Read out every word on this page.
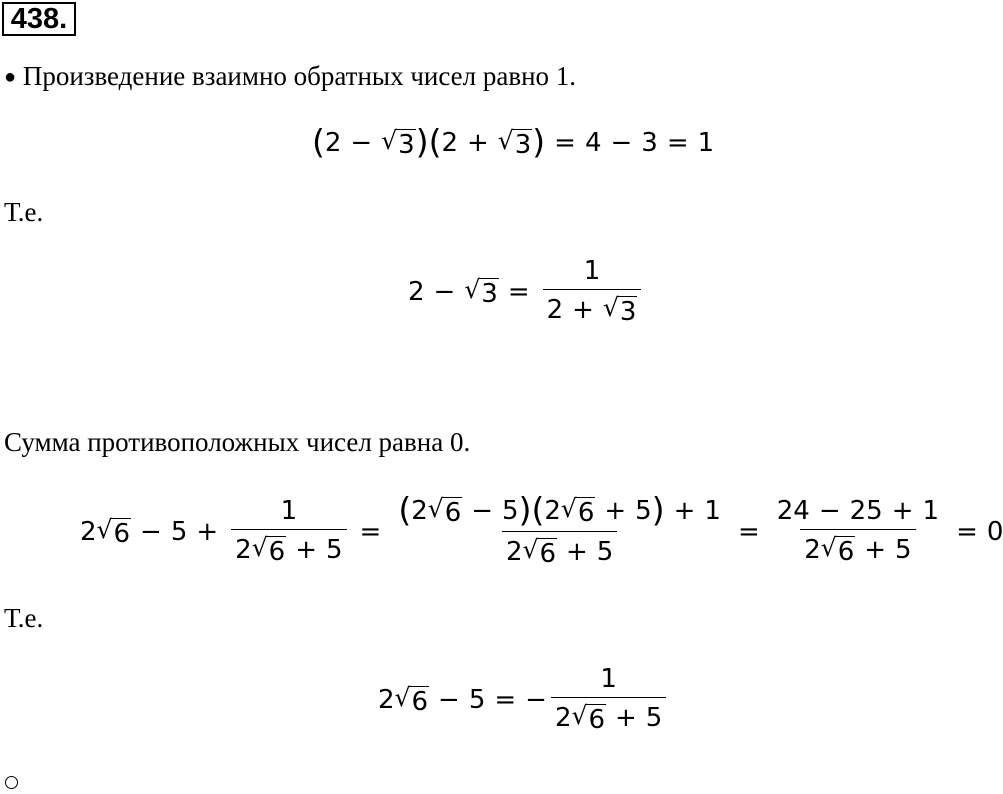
438.
● Произведение взаимно обратных чисел равно 1.
( 2 − √ 3 ) ( 2 + √ 3 ) = 4 − 3 = 1
Т.е.
2 − √ $3 = \frac{1}{2 + √ 3}$
Сумма противоположных чисел равна 0.
2 √ $6 - 5 + \frac{1}{2 √ 6 + 5}$ =
( 2 √ 6 − 5 ) ( 2 √ 6 + 5 ) + 1
2 √ 6 + 5
= $\frac{24 - 25 + 1}{2 √ 6 + 5} = 0$
Т.е.
2 √ 6 − 5 = − $\frac{1}{2 √ 6 + 5}$
